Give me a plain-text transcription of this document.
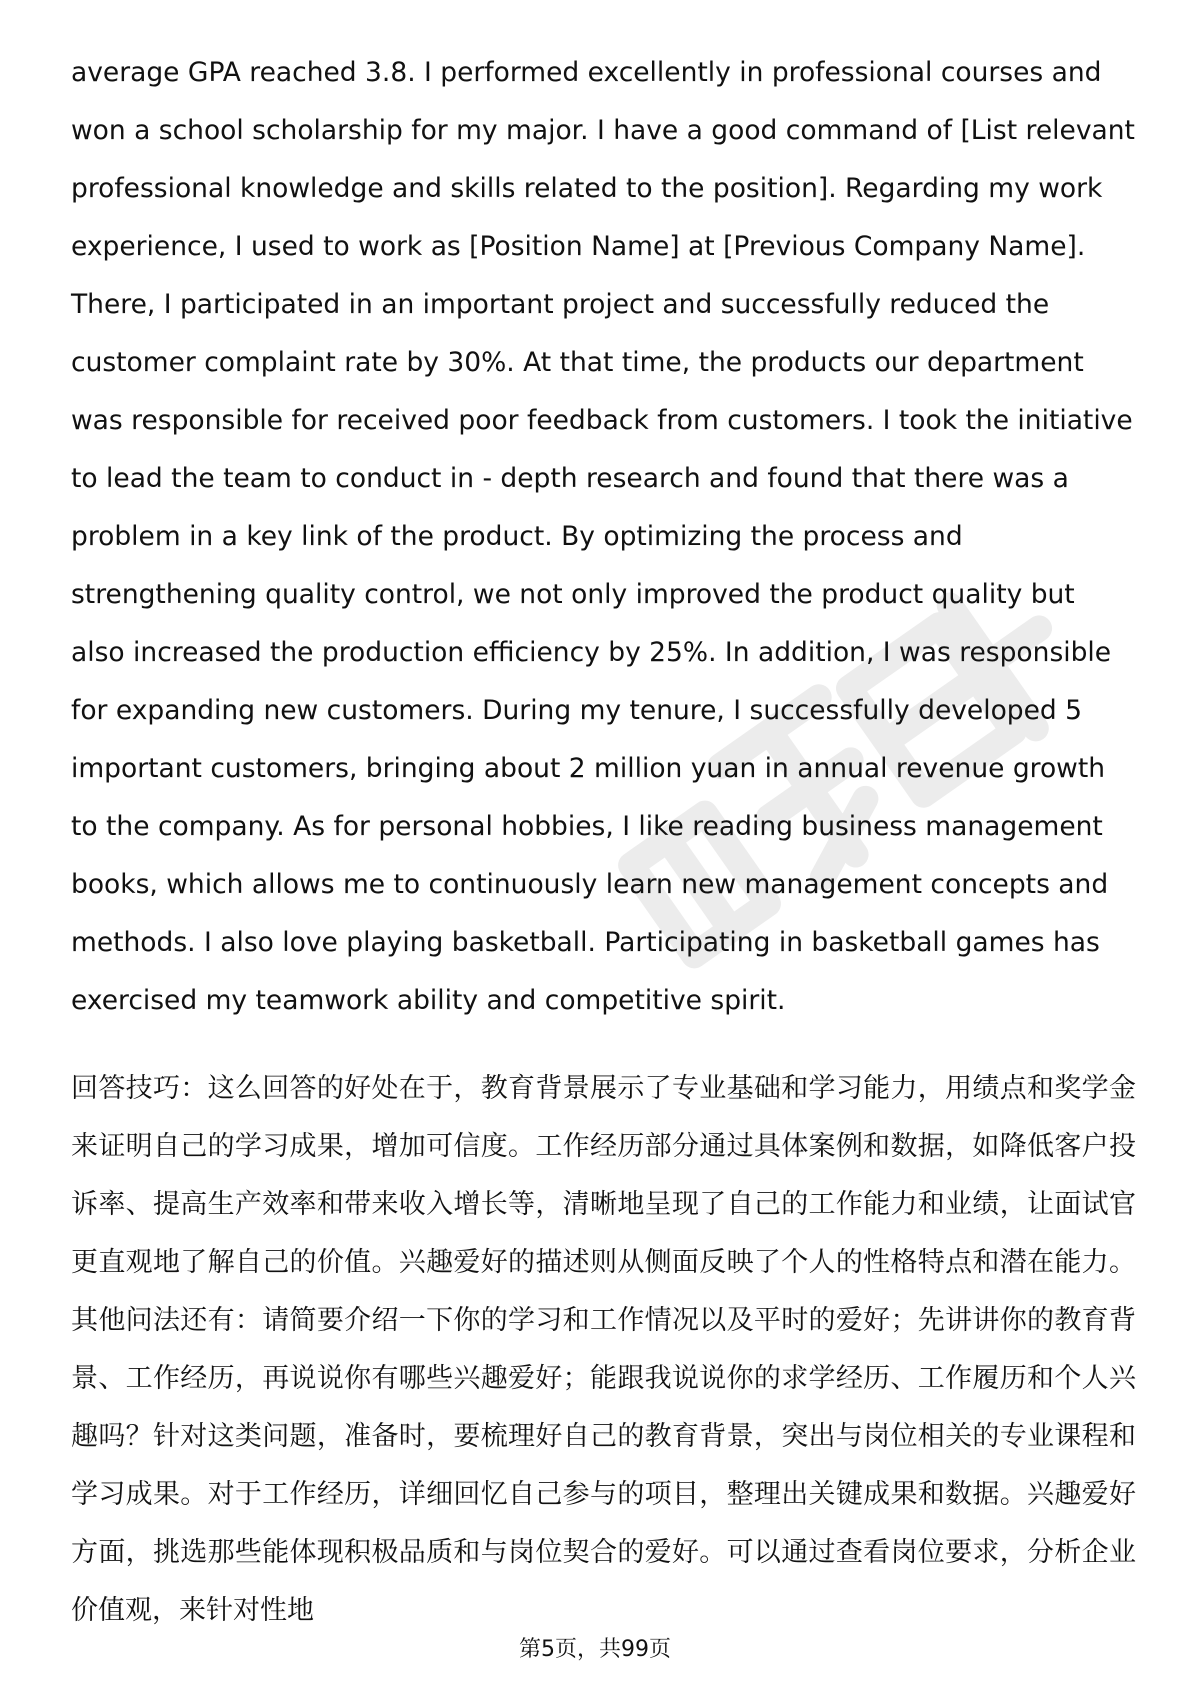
average GPA reached 3.8. I performed excellently in professional courses and won a school scholarship for my major. I have a good command of [List relevant professional knowledge and skills related to the position]. Regarding my work experience, I used to work as [Position Name] at [Previous Company Name]. There, I participated in an important project and successfully reduced the customer complaint rate by 30%. At that time, the products our department was responsible for received poor feedback from customers. I took the initiative to lead the team to conduct in - depth research and found that there was a problem in a key link of the product. By optimizing the process and strengthening quality control, we not only improved the product quality but also increased the production efficiency by 25%. In addition, I was responsible for expanding new customers. During my tenure, I successfully developed 5 important customers, bringing about 2 million yuan in annual revenue growth to the company. As for personal hobbies, I like reading business management books, which allows me to continuously learn new management concepts and methods. I also love playing basketball. Participating in basketball games has exercised my teamwork ability and competitive spirit.

回答技巧：这么回答的好处在于，教育背景展示了专业基础和学习能力，用绩点和奖学金来证明自己的学习成果，增加可信度。工作经历部分通过具体案例和数据，如降低客户投诉率、提高生产效率和带来收入增长等，清晰地呈现了自己的工作能力和业绩，让面试官更直观地了解自己的价值。兴趣爱好的描述则从侧面反映了个人的性格特点和潜在能力。其他问法还有：请简要介绍一下你的学习和工作情况以及平时的爱好；先讲讲你的教育背景、工作经历，再说说你有哪些兴趣爱好；能跟我说说你的求学经历、工作履历和个人兴趣吗？针对这类问题，准备时，要梳理好自己的教育背景，突出与岗位相关的专业课程和学习成果。对于工作经历，详细回忆自己参与的项目，整理出关键成果和数据。兴趣爱好方面，挑选那些能体现积极品质和与岗位契合的爱好。可以通过查看岗位要求，分析企业价值观，来针对性地

第5页，共99页
